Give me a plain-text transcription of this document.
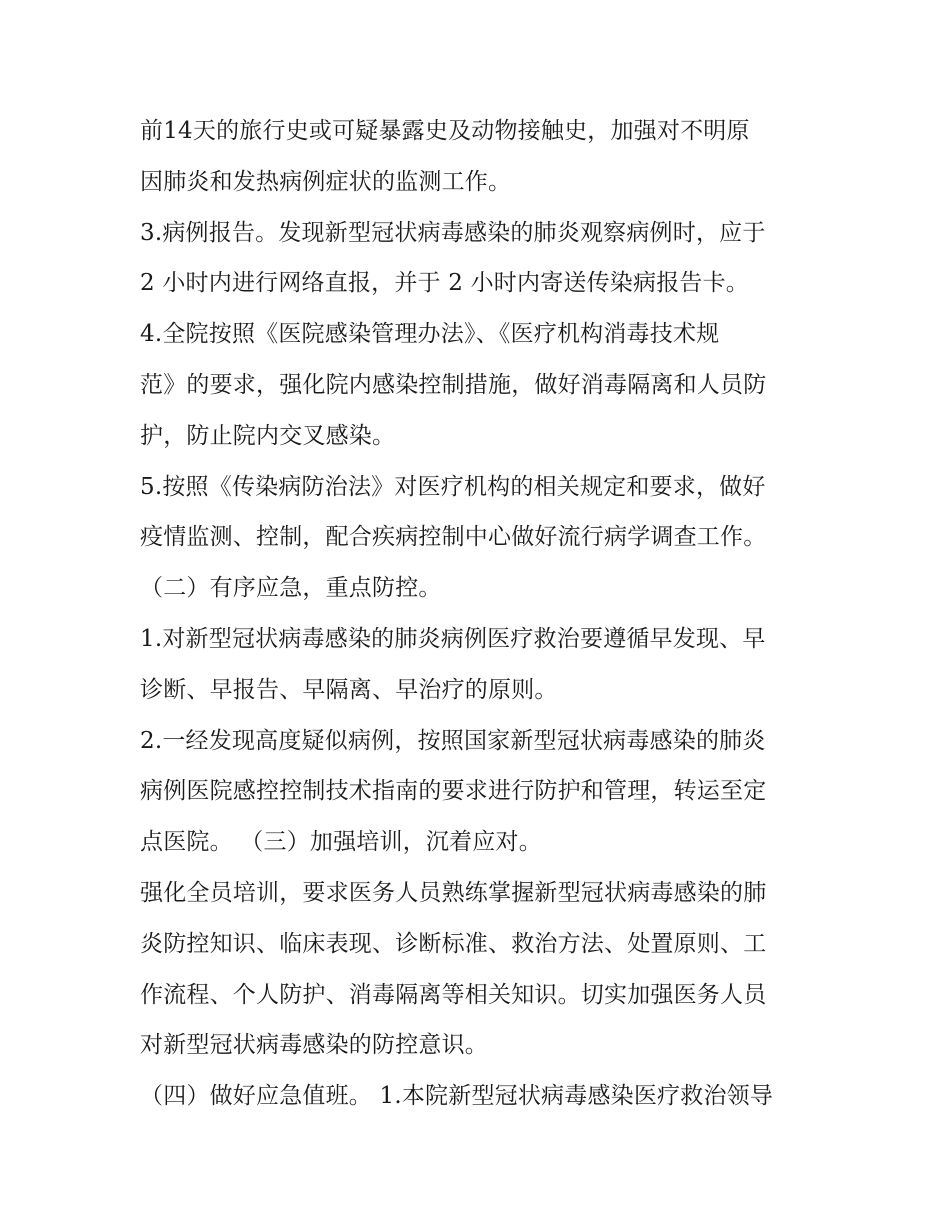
前14天的旅行史或可疑暴露史及动物接触史，加强对不明原
因肺炎和发热病例症状的监测工作。
3.病例报告。发现新型冠状病毒感染的肺炎观察病例时，应于
2 小时内进行网络直报，并于 2 小时内寄送传染病报告卡。
4.全院按照《医院感染管理办法》、《医疗机构消毒技术规
范》的要求，强化院内感染控制措施，做好消毒隔离和人员防
护，防止院内交叉感染。
5.按照《传染病防治法》对医疗机构的相关规定和要求，做好
疫情监测、控制，配合疾病控制中心做好流行病学调查工作。
（二）有序应急，重点防控。
1.对新型冠状病毒感染的肺炎病例医疗救治要遵循早发现、早
诊断、早报告、早隔离、早治疗的原则。
2.一经发现高度疑似病例，按照国家新型冠状病毒感染的肺炎
病例医院感控控制技术指南的要求进行防护和管理，转运至定
点医院。 （三）加强培训，沉着应对。
强化全员培训，要求医务人员熟练掌握新型冠状病毒感染的肺
炎防控知识、临床表现、诊断标准、救治方法、处置原则、工
作流程、个人防护、消毒隔离等相关知识。切实加强医务人员
对新型冠状病毒感染的防控意识。
（四）做好应急值班。 1.本院新型冠状病毒感染医疗救治领导
